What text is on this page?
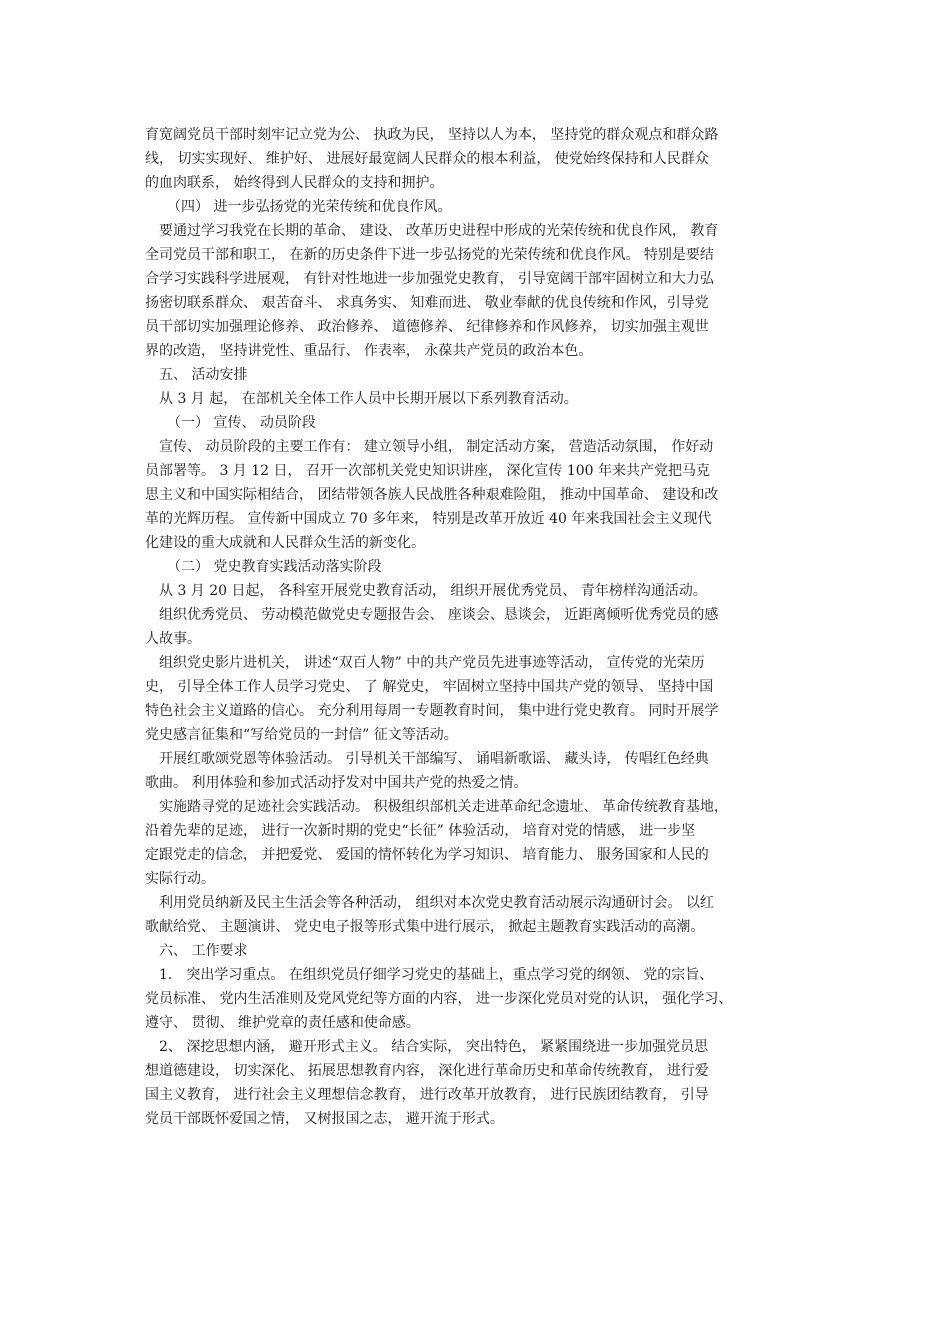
育宽阔党员干部时刻牢记立党为公、 执政为民， 坚持以人为本， 坚持党的群众观点和群众路
线， 切实实现好、 维护好、 进展好最宽阔人民群众的根本利益， 使党始终保持和人民群众
的血肉联系， 始终得到人民群众的支持和拥护。
（四） 进一步弘扬党的光荣传统和优良作风。
要通过学习我党在长期的革命、 建设、 改革历史进程中形成的光荣传统和优良作风， 教育
全司党员干部和职工， 在新的历史条件下进一步弘扬党的光荣传统和优良作风。 特别是要结
合学习实践科学进展观， 有针对性地进一步加强党史教育， 引导宽阔干部牢固树立和大力弘
扬密切联系群众、 艰苦奋斗、 求真务实、 知难而进、 敬业奉献的优良传统和作风，引导党
员干部切实加强理论修养、 政治修养、 道德修养、 纪律修养和作风修养， 切实加强主观世
界的改造， 坚持讲党性、重品行、 作表率， 永葆共产党员的政治本色。
五、 活动安排
从 3 月 起， 在部机关全体工作人员中长期开展以下系列教育活动。
（一） 宣传、 动员阶段
宣传、 动员阶段的主要工作有： 建立领导小组， 制定活动方案， 营造活动氛围， 作好动
员部署等。 3 月 12 日， 召开一次部机关党史知识讲座， 深化宣传 100 年来共产党把马克
思主义和中国实际相结合， 团结带领各族人民战胜各种艰难险阻， 推动中国革命、 建设和改
革的光辉历程。 宣传新中国成立 70 多年来， 特别是改革开放近 40 年来我国社会主义现代
化建设的重大成就和人民群众生活的新变化。
（二） 党史教育实践活动落实阶段
从 3 月 20 日起， 各科室开展党史教育活动， 组织开展优秀党员、 青年榜样沟通活动。
组织优秀党员、 劳动模范做党史专题报告会、 座谈会、恳谈会， 近距离倾听优秀党员的感
人故事。
组织党史影片进机关， 讲述“双百人物” 中的共产党员先进事迹等活动， 宣传党的光荣历
史， 引导全体工作人员学习党史、 了 解党史， 牢固树立坚持中国共产党的领导、 坚持中国
特色社会主义道路的信心。 充分利用每周一专题教育时间， 集中进行党史教育。 同时开展学
党史感言征集和“写给党员的一封信” 征文等活动。
开展红歌颂党恩等体验活动。 引导机关干部编写、 诵唱新歌谣、 藏头诗， 传唱红色经典
歌曲。 利用体验和参加式活动抒发对中国共产党的热爱之情。
实施踏寻党的足迹社会实践活动。 积极组织部机关走进革命纪念遗址、 革命传统教育基地，
沿着先辈的足迹， 进行一次新时期的党史“长征” 体验活动， 培育对党的情感， 进一步坚
定跟党走的信念， 并把爱党、 爱国的情怀转化为学习知识、 培育能力、 服务国家和人民的
实际行动。
利用党员纳新及民主生活会等各种活动， 组织对本次党史教育活动展示沟通研讨会。 以红
歌献给党、 主题演讲、 党史电子报等形式集中进行展示， 掀起主题教育实践活动的高潮。
六、 工作要求
1． 突出学习重点。 在组织党员仔细学习党史的基础上，重点学习党的纲领、 党的宗旨、
党员标准、 党内生活准则及党风党纪等方面的内容， 进一步深化党员对党的认识， 强化学习、
遵守、 贯彻、 维护党章的责任感和使命感。
2、 深挖思想内涵， 避开形式主义。 结合实际， 突出特色， 紧紧围绕进一步加强党员思
想道德建设， 切实深化、 拓展思想教育内容， 深化进行革命历史和革命传统教育， 进行爱
国主义教育， 进行社会主义理想信念教育， 进行改革开放教育， 进行民族团结教育， 引导
党员干部既怀爱国之情， 又树报国之志， 避开流于形式。
